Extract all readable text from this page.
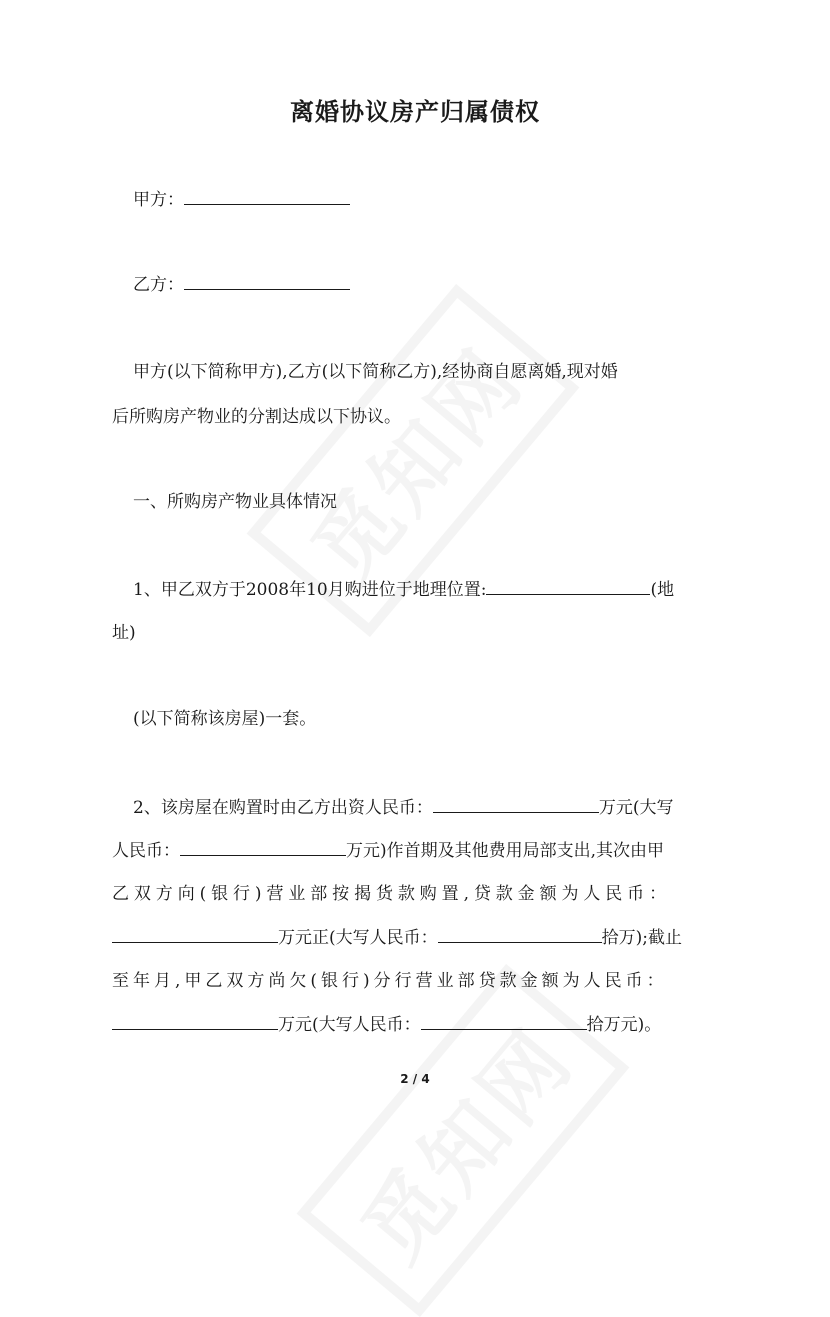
离婚协议房产归属债权
甲方：
乙方：
甲方(以下简称甲方),乙方(以下简称乙方),经协商自愿离婚,现对婚
后所购房产物业的分割达成以下协议。
一、所购房产物业具体情况
1、甲乙双方于2008年10月购进位于地理位置:	(地
址)
(以下简称该房屋)一套。
2、该房屋在购置时由乙方出资人民币：	万元(大写
人民币：	万元)作首期及其他费用局部支出,其次由甲
乙双方向(银行)营业部按揭货款购置,贷款金额为人民币：
万元正(大写人民币：	拾万);截止
至年月,甲乙双方尚欠(银行)分行营业部贷款金额为人民币：
万元(大写人民币：	拾万元)。
2 / 4
